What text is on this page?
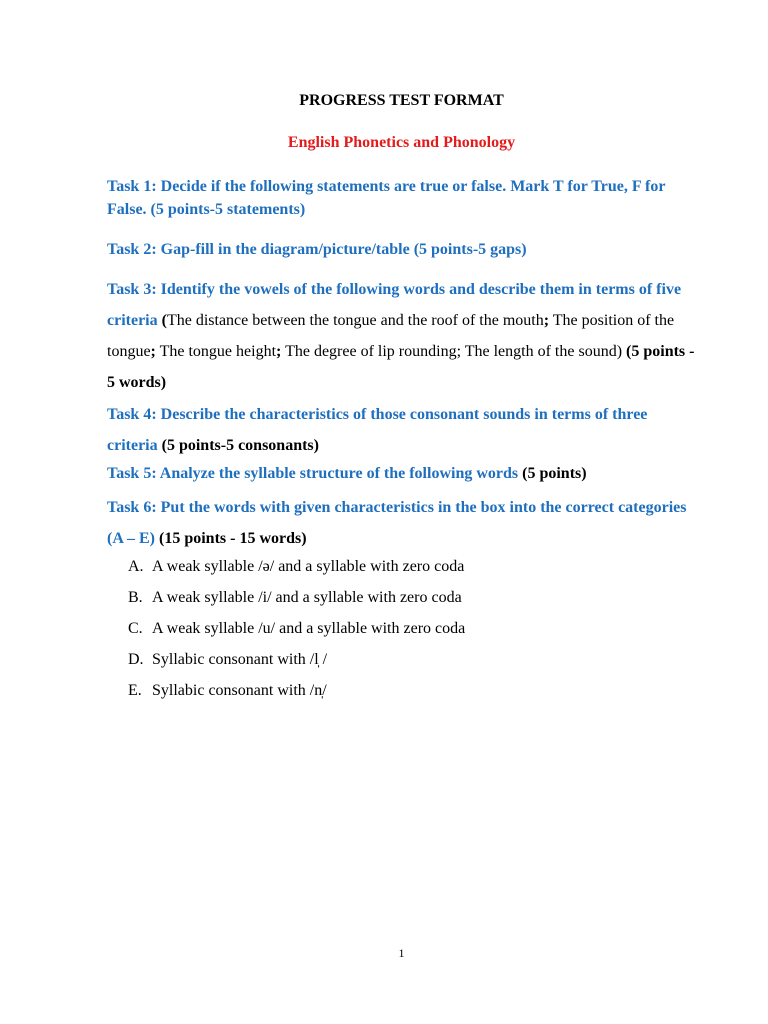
PROGRESS TEST FORMAT
English Phonetics and Phonology
Task 1: Decide if the following statements are true or false. Mark T for True, F for False. (5 points-5 statements)
Task 2: Gap-fill in the diagram/picture/table (5 points-5 gaps)
Task 3: Identify the vowels of the following words and describe them in terms of five criteria (The distance between the tongue and the roof of the mouth; The position of the tongue; The tongue height; The degree of lip rounding; The length of the sound) (5 points - 5 words)
Task 4: Describe the characteristics of those consonant sounds in terms of three criteria (5 points-5 consonants)
Task 5: Analyze the syllable structure of the following words (5 points)
Task 6: Put the words with given characteristics in the box into the correct categories (A – E) (15 points - 15 words)
A. A weak syllable /ə/ and a syllable with zero coda
B. A weak syllable /i/ and a syllable with zero coda
C. A weak syllable /u/ and a syllable with zero coda
D. Syllabic consonant with /l̩ /
E. Syllabic consonant with /n̩/
1
